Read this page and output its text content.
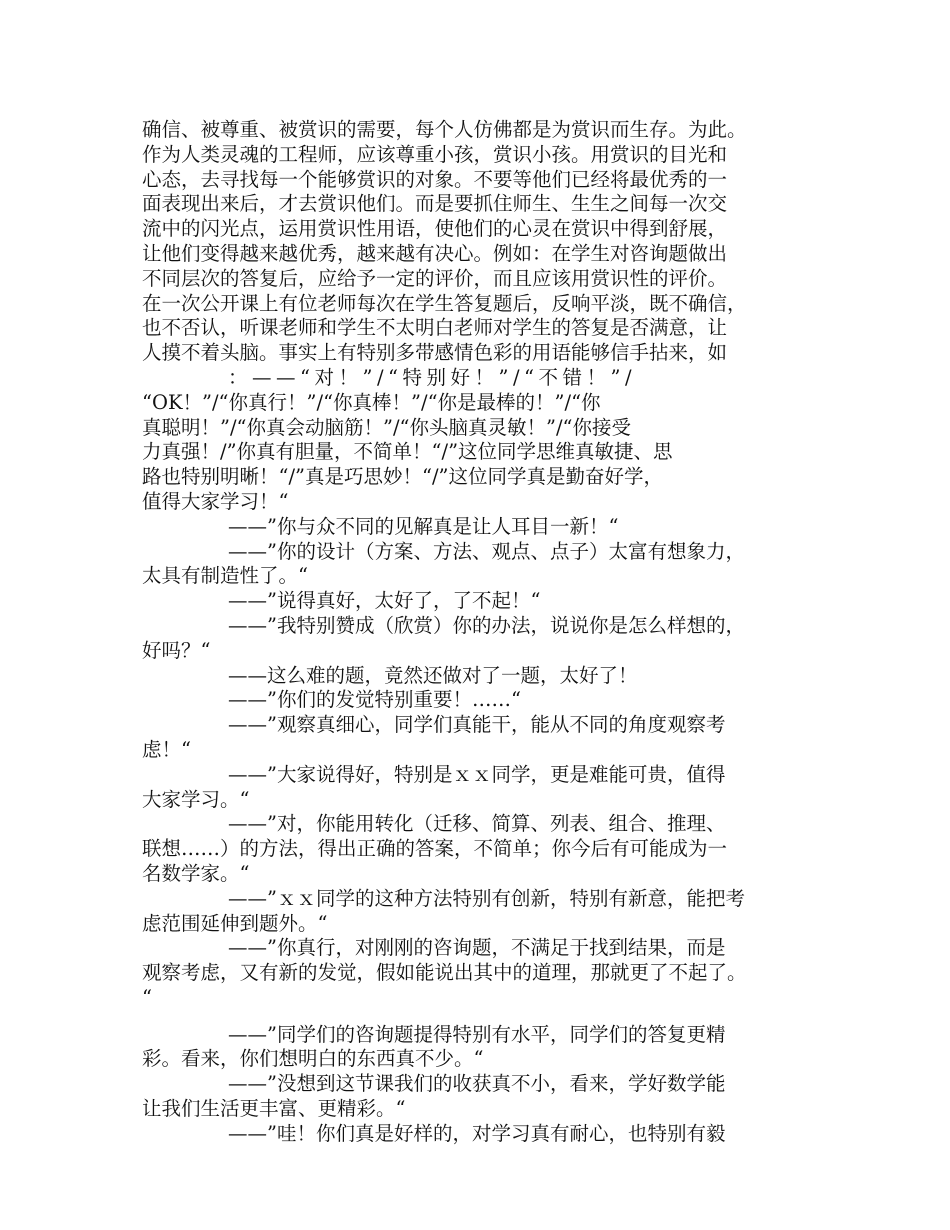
确信、被尊重、被赏识的需要，每个人仿佛都是为赏识而生存。为此。
作为人类灵魂的工程师，应该尊重小孩，赏识小孩。用赏识的目光和
心态，去寻找每一个能够赏识的对象。不要等他们已经将最优秀的一
面表现出来后，才去赏识他们。而是要抓住师生、生生之间每一次交
流中的闪光点，运用赏识性用语，使他们的心灵在赏识中得到舒展，
让他们变得越来越优秀，越来越有决心。例如：在学生对咨询题做出
不同层次的答复后，应给予一定的评价，而且应该用赏识性的评价。
在一次公开课上有位老师每次在学生答复题后，反响平淡，既不确信，
也不否认，听课老师和学生不太明白老师对学生的答复是否满意，让
人摸不着头脑。事实上有特别多带感情色彩的用语能够信手拈来，如
：——“对！”/“特别好！”/“不错！”/
“OK！”/“你真行！”/“你真棒！”/“你是最棒的！”/“你
真聪明！”/“你真会动脑筋！”/“你头脑真灵敏！”/“你接受
力真强！/”你真有胆量，不简单！“/”这位同学思维真敏捷、思
路也特别明晰！“/”真是巧思妙！“/”这位同学真是勤奋好学，
值得大家学习！“
——”你与众不同的见解真是让人耳目一新！“
——”你的设计（方案、方法、观点、点子）太富有想象力，
太具有制造性了。“
——”说得真好，太好了，了不起！“
——”我特别赞成（欣赏）你的办法，说说你是怎么样想的，
好吗？“
——这么难的题，竟然还做对了一题，太好了！
——”你们的发觉特别重要！……“
——”观察真细心，同学们真能干，能从不同的角度观察考
虑！“
——”大家说得好，特别是ｘｘ同学，更是难能可贵，值得
大家学习。“
——”对，你能用转化（迁移、简算、列表、组合、推理、
联想……）的方法，得出正确的答案，不简单；你今后有可能成为一
名数学家。“
——”ｘｘ同学的这种方法特别有创新，特别有新意，能把考
虑范围延伸到题外。“
——”你真行，对刚刚的咨询题，不满足于找到结果，而是
观察考虑，又有新的发觉，假如能说出其中的道理，那就更了不起了。
“
——”同学们的咨询题提得特别有水平，同学们的答复更精
彩。看来，你们想明白的东西真不少。“
——”没想到这节课我们的收获真不小，看来，学好数学能
让我们生活更丰富、更精彩。“
——”哇！你们真是好样的，对学习真有耐心，也特别有毅
